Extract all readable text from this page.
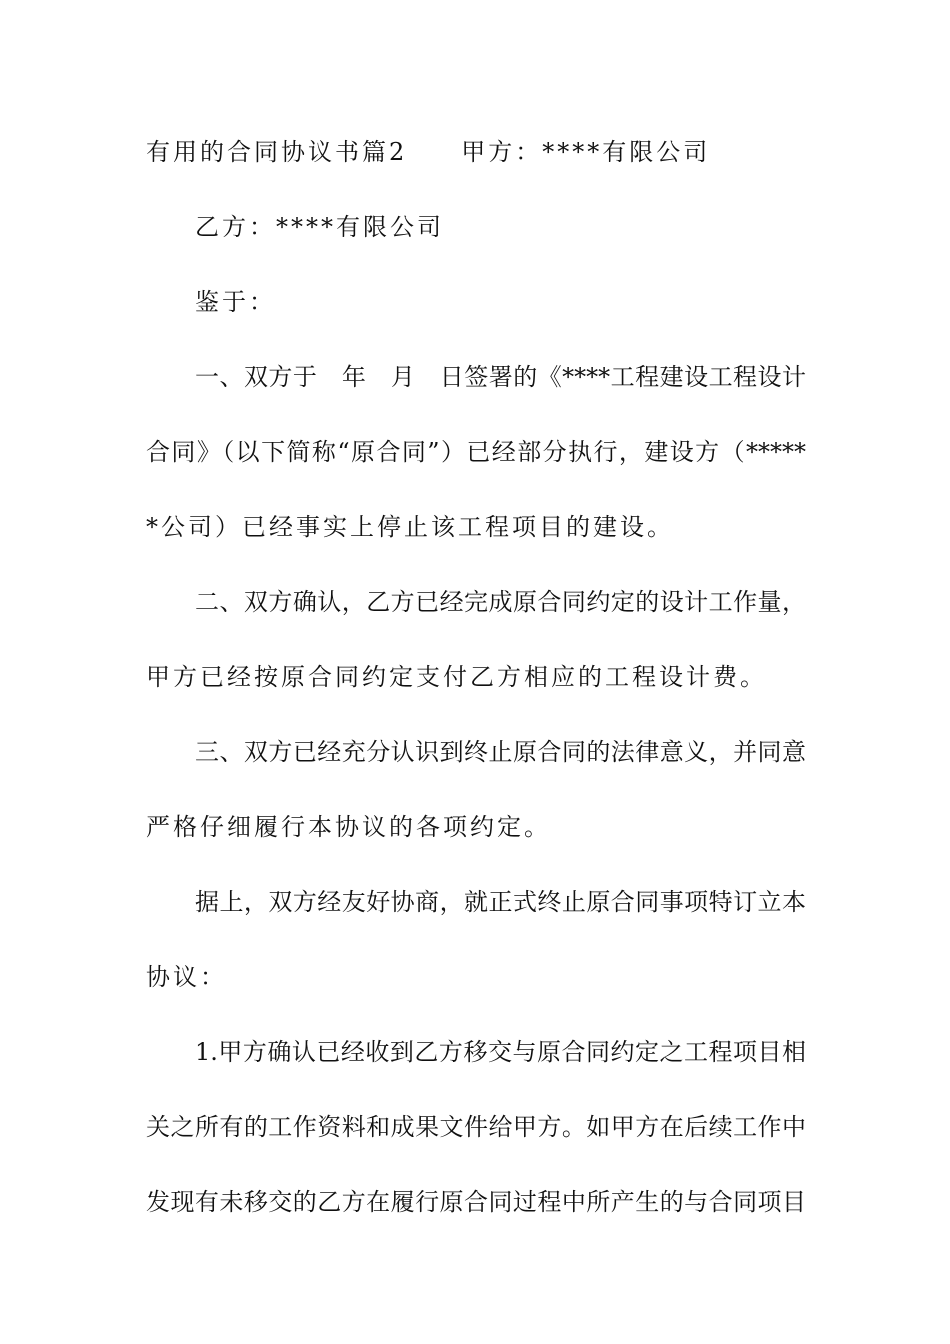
有用的合同协议书篇2　　甲方：****有限公司
乙方：****有限公司
鉴于：
一、双方于　年　月　日签署的《****工程建设工程设计
合同》（以下简称“原合同”）已经部分执行，建设方（*****
*公司）已经事实上停止该工程项目的建设。
二、双方确认，乙方已经完成原合同约定的设计工作量，
甲方已经按原合同约定支付乙方相应的工程设计费。
三、双方已经充分认识到终止原合同的法律意义，并同意
严格仔细履行本协议的各项约定。
据上，双方经友好协商，就正式终止原合同事项特订立本
协议：
1.甲方确认已经收到乙方移交与原合同约定之工程项目相
关之所有的工作资料和成果文件给甲方。如甲方在后续工作中
发现有未移交的乙方在履行原合同过程中所产生的与合同项目
